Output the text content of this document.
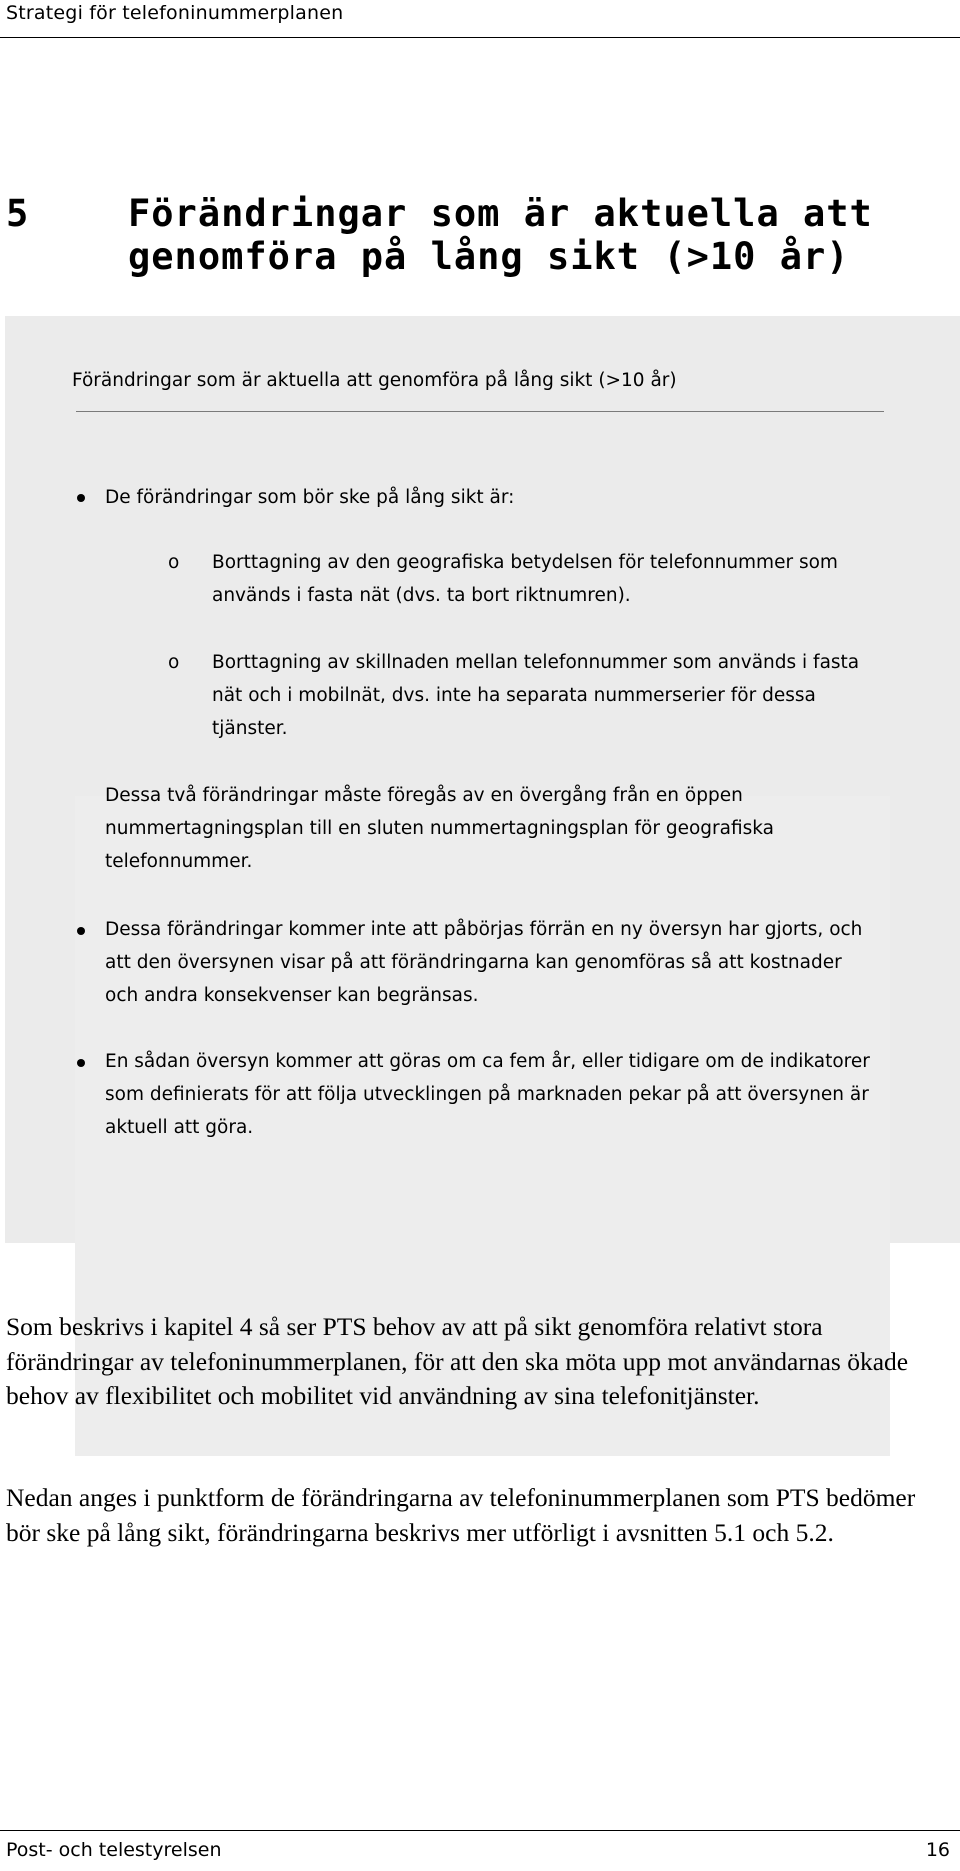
Strategi för telefoninummerplanen
5	Förändringar som är aktuella att genomföra på lång sikt (>10 år)
Förändringar som är aktuella att genomföra på lång sikt (>10 år)
De förändringar som bör ske på lång sikt är:
o Borttagning av den geografiska betydelsen för telefonnummer som används i fasta nät (dvs. ta bort riktnumren).
o Borttagning av skillnaden mellan telefonnummer som används i fasta nät och i mobilnät, dvs. inte ha separata nummerserier för dessa tjänster.
Dessa två förändringar måste föregås av en övergång från en öppen nummertagningsplan till en sluten nummertagningsplan för geografiska telefonnummer.
Dessa förändringar kommer inte att påbörjas förrän en ny översyn har gjorts, och att den översynen visar på att förändringarna kan genomföras så att kostnader och andra konsekvenser kan begränsas.
En sådan översyn kommer att göras om ca fem år, eller tidigare om de indikatorer som definierats för att följa utvecklingen på marknaden pekar på att översynen är aktuell att göra.
Som beskrivs i kapitel 4 så ser PTS behov av att på sikt genomföra relativt stora förändringar av telefoninummerplanen, för att den ska möta upp mot användarnas ökade behov av flexibilitet och mobilitet vid användning av sina telefonitjänster.
Nedan anges i punktform de förändringarna av telefoninummerplanen som PTS bedömer bör ske på lång sikt, förändringarna beskrivs mer utförligt i avsnitten 5.1 och 5.2.
Post- och telestyrelsen	16
